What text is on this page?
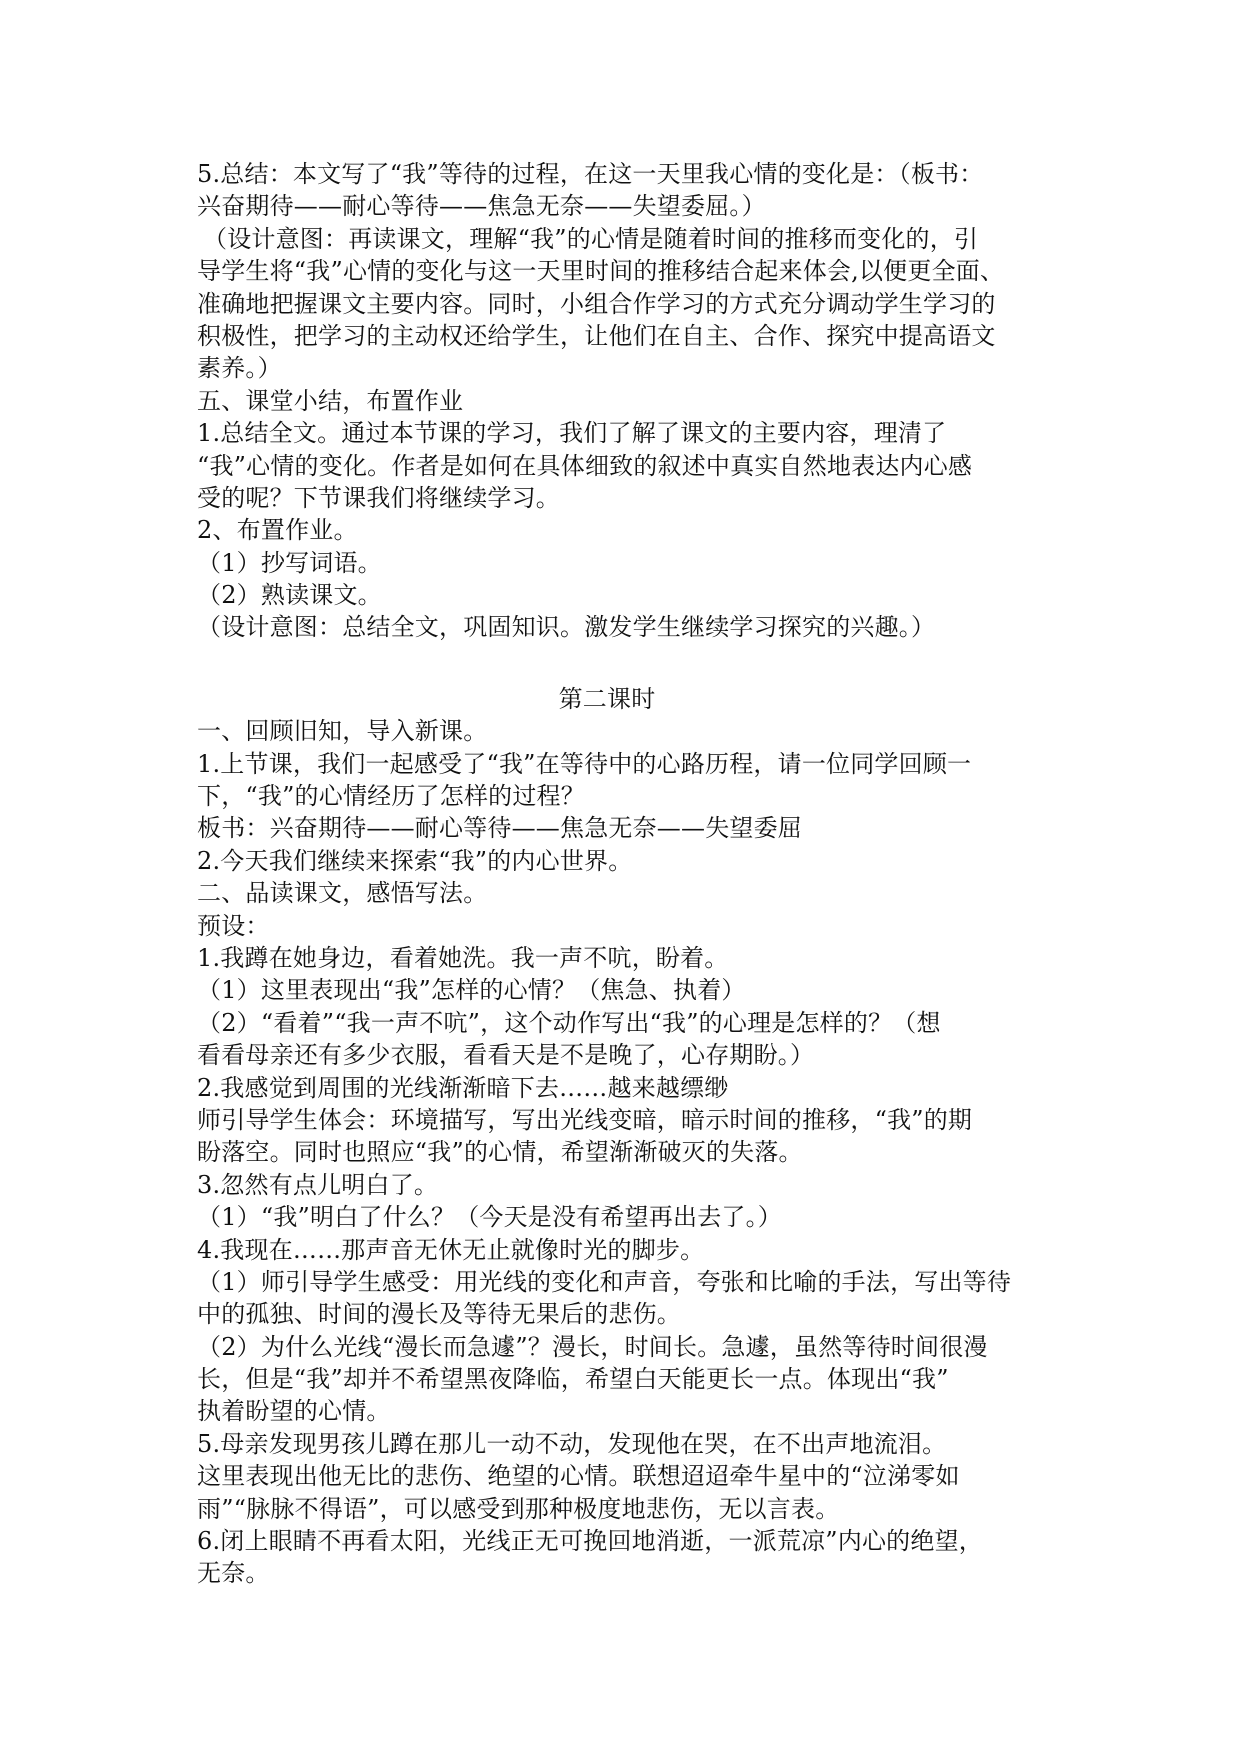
5.总结：本文写了“我”等待的过程，在这一天里我心情的变化是：（板书：
兴奋期待——耐心等待——焦急无奈——失望委屈。）
（设计意图：再读课文，理解“我”的心情是随着时间的推移而变化的，引
导学生将“我”心情的变化与这一天里时间的推移结合起来体会,以便更全面、
准确地把握课文主要内容。同时，小组合作学习的方式充分调动学生学习的
积极性，把学习的主动权还给学生，让他们在自主、合作、探究中提高语文
素养。）
五、课堂小结，布置作业
1.总结全文。通过本节课的学习，我们了解了课文的主要内容，理清了
“我”心情的变化。作者是如何在具体细致的叙述中真实自然地表达内心感
受的呢？下节课我们将继续学习。
2、布置作业。
（1）抄写词语。
（2）熟读课文。
（设计意图：总结全文，巩固知识。激发学生继续学习探究的兴趣。）
第二课时
一、回顾旧知，导入新课。
1.上节课，我们一起感受了“我”在等待中的心路历程，请一位同学回顾一
下，“我”的心情经历了怎样的过程？
板书：兴奋期待——耐心等待——焦急无奈——失望委屈
2.今天我们继续来探索“我”的内心世界。
二、品读课文，感悟写法。
预设：
1.我蹲在她身边，看着她洗。我一声不吭，盼着。
（1）这里表现出“我”怎样的心情？（焦急、执着）
（2）“看着”“我一声不吭”，这个动作写出“我”的心理是怎样的？（想
看看母亲还有多少衣服，看看天是不是晚了，心存期盼。）
2.我感觉到周围的光线渐渐暗下去……越来越缥缈
师引导学生体会：环境描写，写出光线变暗，暗示时间的推移，“我”的期
盼落空。同时也照应“我”的心情，希望渐渐破灭的失落。
3.忽然有点儿明白了。
（1）“我”明白了什么？（今天是没有希望再出去了。）
4.我现在……那声音无休无止就像时光的脚步。
（1）师引导学生感受：用光线的变化和声音，夸张和比喻的手法，写出等待
中的孤独、时间的漫长及等待无果后的悲伤。
（2）为什么光线“漫长而急遽”？漫长，时间长。急遽，虽然等待时间很漫
长，但是“我”却并不希望黑夜降临，希望白天能更长一点。体现出“我”
执着盼望的心情。
5.母亲发现男孩儿蹲在那儿一动不动，发现他在哭，在不出声地流泪。
这里表现出他无比的悲伤、绝望的心情。联想迢迢牵牛星中的“泣涕零如
雨”“脉脉不得语”，可以感受到那种极度地悲伤，无以言表。
6.闭上眼睛不再看太阳，光线正无可挽回地消逝，一派荒凉”内心的绝望，
无奈。
